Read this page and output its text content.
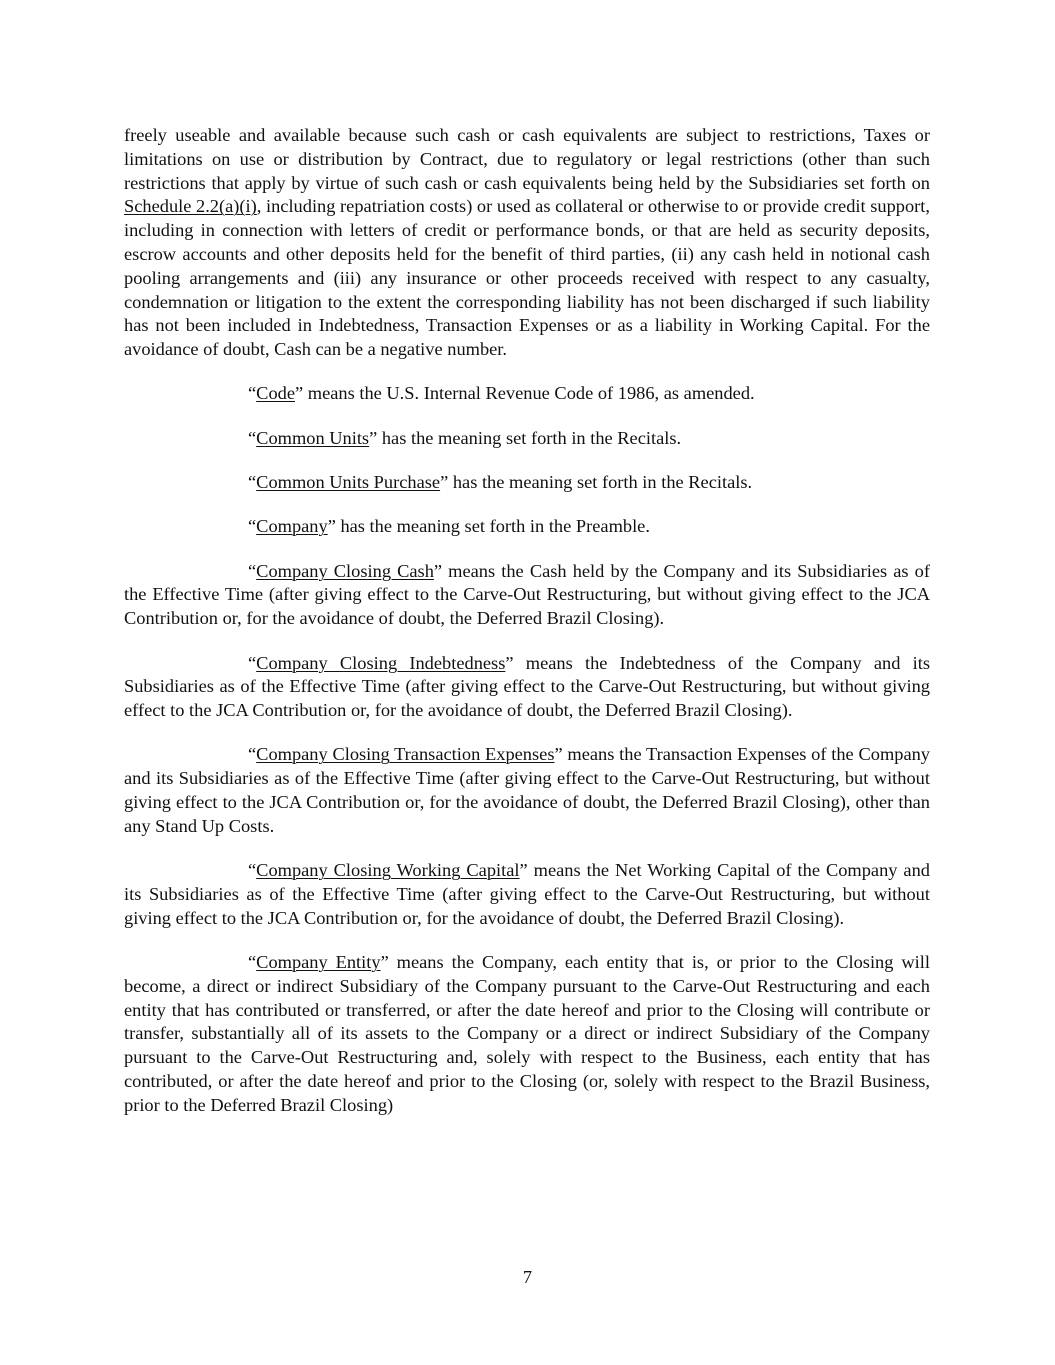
freely useable and available because such cash or cash equivalents are subject to restrictions, Taxes or limitations on use or distribution by Contract, due to regulatory or legal restrictions (other than such restrictions that apply by virtue of such cash or cash equivalents being held by the Subsidiaries set forth on Schedule 2.2(a)(i), including repatriation costs) or used as collateral or otherwise to or provide credit support, including in connection with letters of credit or performance bonds, or that are held as security deposits, escrow accounts and other deposits held for the benefit of third parties, (ii) any cash held in notional cash pooling arrangements and (iii) any insurance or other proceeds received with respect to any casualty, condemnation or litigation to the extent the corresponding liability has not been discharged if such liability has not been included in Indebtedness, Transaction Expenses or as a liability in Working Capital. For the avoidance of doubt, Cash can be a negative number.

“Code” means the U.S. Internal Revenue Code of 1986, as amended.

“Common Units” has the meaning set forth in the Recitals.

“Common Units Purchase” has the meaning set forth in the Recitals.

“Company” has the meaning set forth in the Preamble.

“Company Closing Cash” means the Cash held by the Company and its Subsidiaries as of the Effective Time (after giving effect to the Carve-Out Restructuring, but without giving effect to the JCA Contribution or, for the avoidance of doubt, the Deferred Brazil Closing).

“Company Closing Indebtedness” means the Indebtedness of the Company and its Subsidiaries as of the Effective Time (after giving effect to the Carve-Out Restructuring, but without giving effect to the JCA Contribution or, for the avoidance of doubt, the Deferred Brazil Closing).

“Company Closing Transaction Expenses” means the Transaction Expenses of the Company and its Subsidiaries as of the Effective Time (after giving effect to the Carve-Out Restructuring, but without giving effect to the JCA Contribution or, for the avoidance of doubt, the Deferred Brazil Closing), other than any Stand Up Costs.

“Company Closing Working Capital” means the Net Working Capital of the Company and its Subsidiaries as of the Effective Time (after giving effect to the Carve-Out Restructuring, but without giving effect to the JCA Contribution or, for the avoidance of doubt, the Deferred Brazil Closing).

“Company Entity” means the Company, each entity that is, or prior to the Closing will become, a direct or indirect Subsidiary of the Company pursuant to the Carve-Out Restructuring and each entity that has contributed or transferred, or after the date hereof and prior to the Closing will contribute or transfer, substantially all of its assets to the Company or a direct or indirect Subsidiary of the Company pursuant to the Carve-Out Restructuring and, solely with respect to the Business, each entity that has contributed, or after the date hereof and prior to the Closing (or, solely with respect to the Brazil Business, prior to the Deferred Brazil Closing)

7
